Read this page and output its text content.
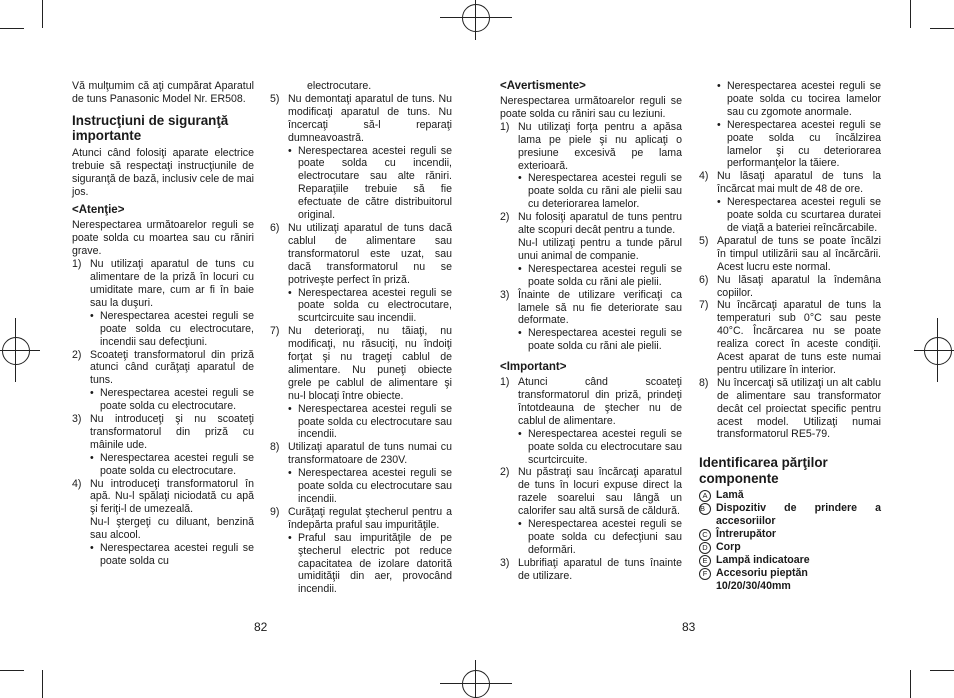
Vă mulţumim că aţi cumpărat Aparatul de tuns Panasonic Model Nr. ER508.

Instrucţiuni de siguranţă importante

Atunci când folosiţi aparate electrice trebuie să respectaţi instrucţiunile de siguranţă de bază, inclusiv cele de mai jos.

<Atenţie>

Nerespectarea următoarelor reguli se poate solda cu moartea sau cu răniri grave.

1) Nu utilizaţi aparatul de tuns cu alimentare de la priză în locuri cu umiditate mare, cum ar fi în baie sau la duşuri.
• Nerespectarea acestei reguli se poate solda cu electrocutare, incendii sau defecţiuni.
2) Scoateţi transformatorul din priză atunci când curăţaţi aparatul de tuns.
• Nerespectarea acestei reguli se poate solda cu electrocutare.
3) Nu introduceţi şi nu scoateţi transformatorul din priză cu mâinile ude.
• Nerespectarea acestei reguli se poate solda cu electrocutare.
4) Nu introduceţi transformatorul în apă. Nu-l spălaţi niciodată cu apă şi feriţi-l de umezeală.

Nu-l ştergeţi cu diluant, benzină sau alcool.

• Nerespectarea acestei reguli se poate solda cu

electrocutare.

5) Nu demontaţi aparatul de tuns. Nu modificaţi aparatul de tuns. Nu încercaţi să-l reparaţi dumneavoastră.
• Nerespectarea acestei reguli se poate solda cu incendii, electrocutare sau alte răniri. Reparaţiile trebuie să fie efectuate de către distribuitorul original.
6) Nu utilizaţi aparatul de tuns dacă cablul de alimentare sau transformatorul este uzat, sau dacă transformatorul nu se potriveşte perfect în priză.
• Nerespectarea acestei reguli se poate solda cu electrocutare, scurtcircuite sau incendii.
7) Nu deterioraţi, nu tăiaţi, nu modificaţi, nu răsuciţi, nu îndoiţi forţat şi nu trageţi cablul de alimentare. Nu puneţi obiecte grele pe cablul de alimentare şi nu-l blocaţi între obiecte.
• Nerespectarea acestei reguli se poate solda cu electrocutare sau incendii.
8) Utilizaţi aparatul de tuns numai cu transformatoare de 230V.
• Nerespectarea acestei reguli se poate solda cu electrocutare sau incendii.
9) Curăţaţi regulat ştecherul pentru a îndepărta praful sau impurităţile.
• Praful sau impurităţile de pe ştecherul electric pot reduce capacitatea de izolare datorită umidităţii din aer, provocând incendii.
82
<Avertismente>

Nerespectarea următoarelor reguli se poate solda cu răniri sau cu leziuni.

1) Nu utilizaţi forţa pentru a apăsa lama pe piele şi nu aplicaţi o presiune excesivă pe lama exterioară.
• Nerespectarea acestei reguli se poate solda cu răni ale pielii sau cu deteriorarea lamelor.
2) Nu folosiţi aparatul de tuns pentru alte scopuri decât pentru a tunde.

Nu-l utilizaţi pentru a tunde părul unui animal de companie.

• Nerespectarea acestei reguli se poate solda cu răni ale pielii.
3) Înainte de utilizare verificaţi ca lamele să nu fie deteriorate sau deformate.
• Nerespectarea acestei reguli se poate solda cu răni ale pielii.
<Important>
1) Atunci când scoateţi transformatorul din priză, prindeţi întotdeauna de ştecher nu de cablul de alimentare.
• Nerespectarea acestei reguli se poate solda cu electrocutare sau scurtcircuite.
2) Nu păstraţi sau încărcaţi aparatul de tuns în locuri expuse direct la razele soarelui sau lângă un calorifer sau altă sursă de căldură.
• Nerespectarea acestei reguli se poate solda cu defecţiuni sau deformări.
3) Lubrifiaţi aparatul de tuns înainte de utilizare.
• Nerespectarea acestei reguli se poate solda cu tocirea lamelor sau cu zgomote anormale.
• Nerespectarea acestei reguli se poate solda cu încălzirea lamelor şi cu deteriorarea performanţelor la tăiere.
4) Nu lăsaţi aparatul de tuns la încărcat mai mult de 48 de ore.
• Nerespectarea acestei reguli se poate solda cu scurtarea duratei de viaţă a bateriei reîncărcabile.
5) Aparatul de tuns se poate încălzi în timpul utilizării sau al încărcării. Acest lucru este normal.
6) Nu lăsaţi aparatul la îndemâna copiilor.
7) Nu încărcaţi aparatul de tuns la temperaturi sub 0°C sau peste 40°C. Încărcarea nu se poate realiza corect în aceste condiţii. Acest aparat de tuns este numai pentru utilizare în interior.
8) Nu încercaţi să utilizaţi un alt cablu de alimentare sau transformator decât cel proiectat specific pentru acest model. Utilizaţi numai transformatorul RE5-79.
Identificarea părţilor componente
A Lamă
B	Dispozitiv de prindere a accesoriilor
C Întrerupător
D Corp
E Lampă indicatoare
F Accesoriu pieptăn 10/20/30/40mm
83
